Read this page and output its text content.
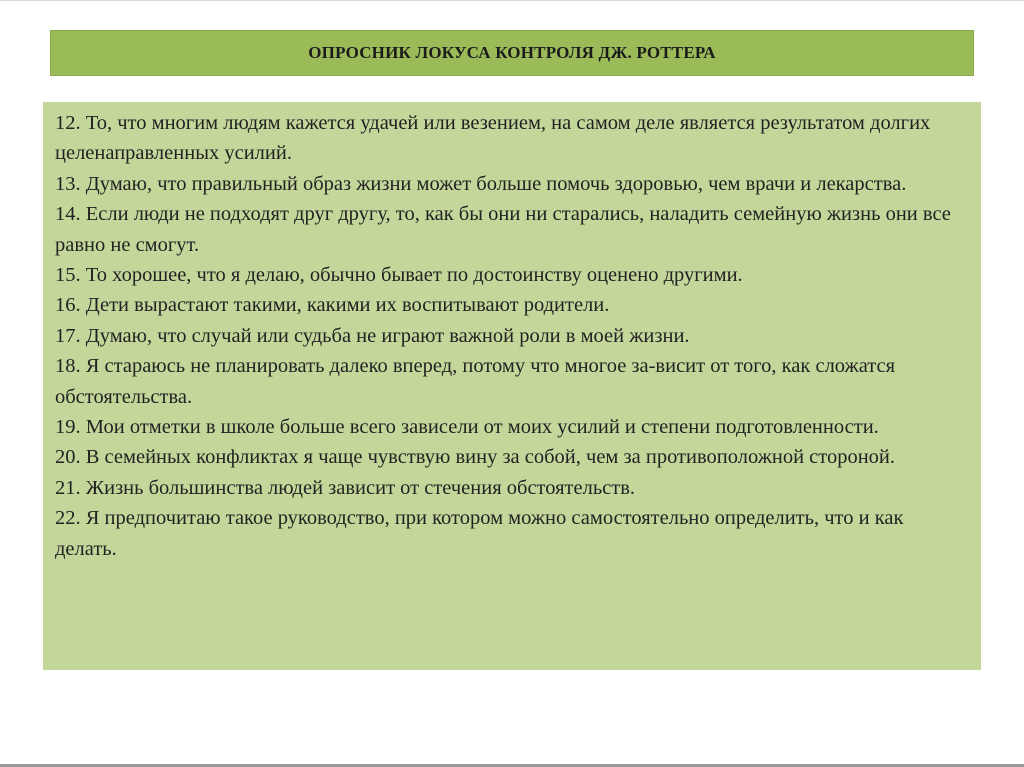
ОПРОСНИК ЛОКУСА КОНТРОЛЯ ДЖ. РОТТЕРА

12. То, что многим людям кажется удачей или везением, на самом деле является результатом долгих целенаправленных усилий.

13. Думаю, что правильный образ жизни может больше помочь здоровью, чем врачи и лекарства.

14. Если люди не подходят друг другу, то, как бы они ни старались, наладить семейную жизнь они все равно не смогут.

15. То хорошее, что я делаю, обычно бывает по достоинству оценено другими.

16. Дети вырастают такими, какими их воспитывают родители.

17. Думаю, что случай или судьба не играют важной роли в моей жизни.

18. Я стараюсь не планировать далеко вперед, потому что многое за-висит от того, как сложатся обстоятельства.

19. Мои отметки в школе больше всего зависели от моих усилий и степени подготовленности.

20. В семейных конфликтах я чаще чувствую вину за собой, чем за противоположной стороной.

21. Жизнь большинства людей зависит от стечения обстоятельств.

22. Я предпочитаю такое руководство, при котором можно самостоятельно определить, что и как делать.
